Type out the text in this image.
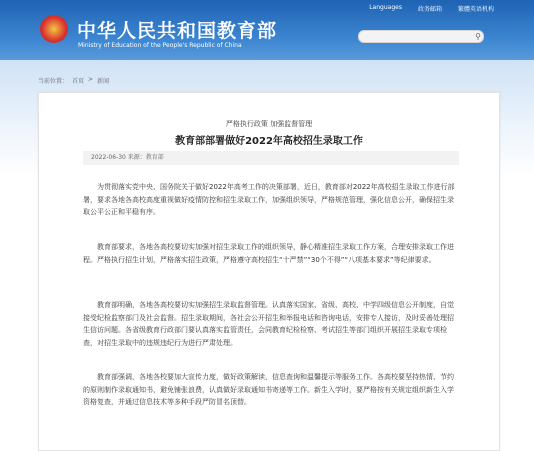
Languages	政务邮箱	繁體英语机构
中华人民共和国教育部
Ministry of Education of the People's Republic of China
⚲
当前位置： 首页 > 新闻
严格执行政策 加强监督管理
教育部部署做好2022年高校招生录取工作
2022-06-30 来源：教育部

为贯彻落实党中央、国务院关于做好2022年高考工作的决策部署，近日，教育部对2022年高校招生录取工作进行部署，要求各地各高校高度重视做好疫情防控和招生录取工作，加强组织领导，严格规范管理，强化信息公开，确保招生录取公平公正和平稳有序。

教育部要求，各地各高校要切实加强对招生录取工作的组织领导，静心精准招生录取工作方案，合理安排录取工作进程。严格执行招生计划，严格落实招生政策，严格遵守高校招生“十严禁”“30个不得”“八项基本要求”等纪律要求。

教育部明确，各地各高校要切实加强招生录取监督管理。认真落实国家、省级、高校、中学四级信息公开制度，自觉接受纪检监察部门及社会监督。招生录取期间，各社会公开招生和举报电话和咨询电话，安排专人接访，及时妥善处理招生信访问题。各省级教育行政部门要认真落实监管责任，会同教育纪检检察、考试招生等部门组织开展招生录取专项检查，对招生录取中的违规违纪行为进行严肃处理。

教育部强调，各地各校要加大宣传力度，做好政策解读，信息查询和温馨提示等服务工作。各高校要坚持热情、节约的原则制作录取通知书，避免铺张浪费，认真做好录取通知书寄递等工作。新生入学时，要严格按有关规定组织新生入学资格复查，并通过信息技术等多种手段严防冒名顶替。
